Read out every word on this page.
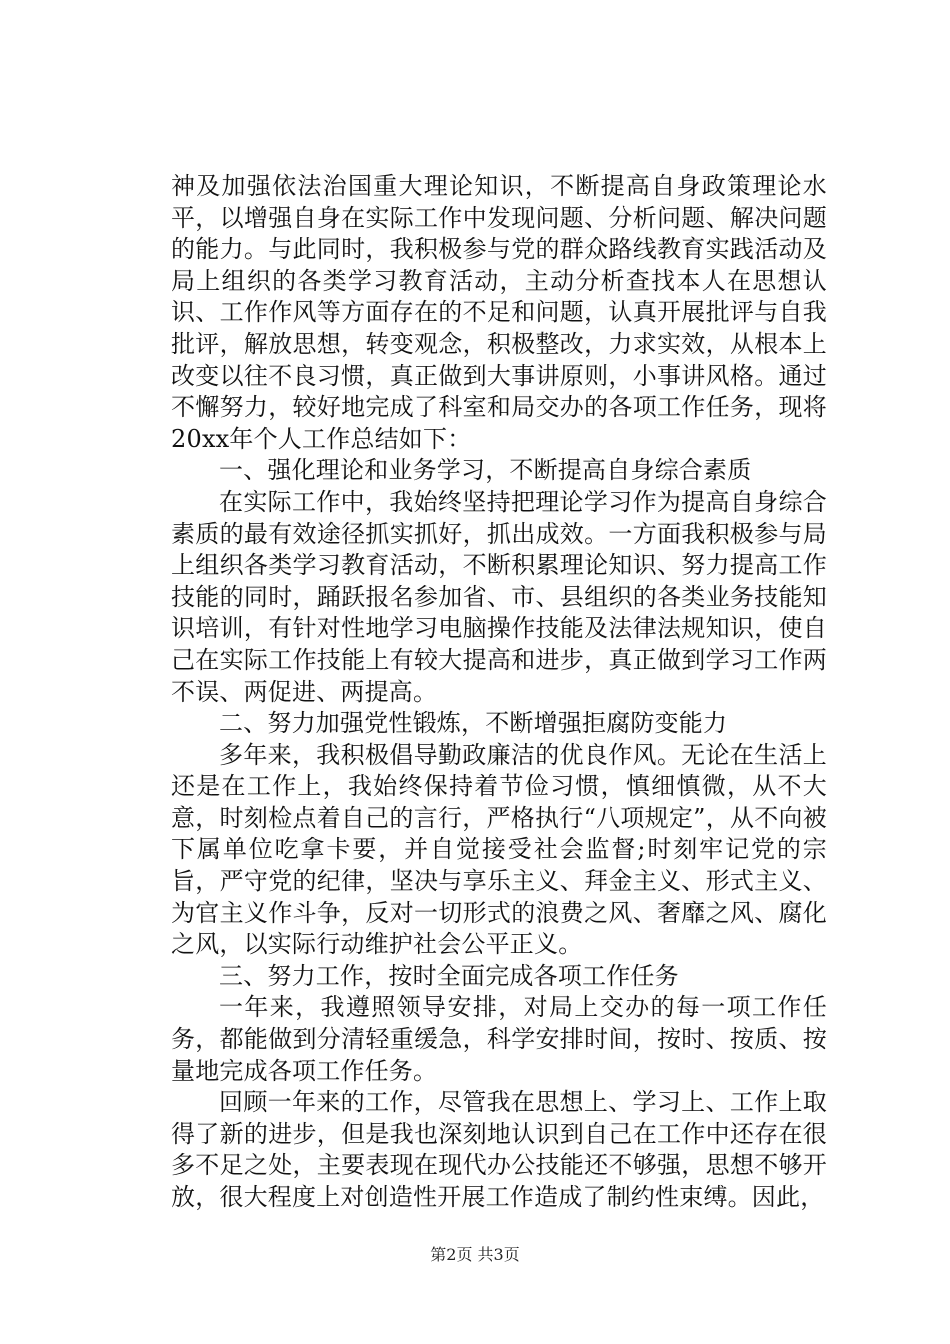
神及加强依法治国重大理论知识，不断提高自身政策理论水平，以增强自身在实际工作中发现问题、分析问题、解决问题的能力。与此同时，我积极参与党的群众路线教育实践活动及局上组织的各类学习教育活动，主动分析查找本人在思想认识、工作作风等方面存在的不足和问题，认真开展批评与自我批评，解放思想，转变观念，积极整改，力求实效，从根本上改变以往不良习惯，真正做到大事讲原则，小事讲风格。通过不懈努力，较好地完成了科室和局交办的各项工作任务，现将20xx年个人工作总结如下：

一、强化理论和业务学习，不断提高自身综合素质

在实际工作中，我始终坚持把理论学习作为提高自身综合素质的最有效途径抓实抓好，抓出成效。一方面我积极参与局上组织各类学习教育活动，不断积累理论知识、努力提高工作技能的同时，踊跃报名参加省、市、县组织的各类业务技能知识培训，有针对性地学习电脑操作技能及法律法规知识，使自己在实际工作技能上有较大提高和进步，真正做到学习工作两不误、两促进、两提高。

二、努力加强党性锻炼，不断增强拒腐防变能力

多年来，我积极倡导勤政廉洁的优良作风。无论在生活上还是在工作上，我始终保持着节俭习惯，慎细慎微，从不大意，时刻检点着自己的言行，严格执行“八项规定”，从不向被下属单位吃拿卡要，并自觉接受社会监督;时刻牢记党的宗旨，严守党的纪律，坚决与享乐主义、拜金主义、形式主义、为官主义作斗争，反对一切形式的浪费之风、奢靡之风、腐化之风，以实际行动维护社会公平正义。

三、努力工作，按时全面完成各项工作任务

一年来，我遵照领导安排，对局上交办的每一项工作任务，都能做到分清轻重缓急，科学安排时间，按时、按质、按量地完成各项工作任务。

回顾一年来的工作，尽管我在思想上、学习上、工作上取得了新的进步，但是我也深刻地认识到自己在工作中还存在很多不足之处，主要表现在现代办公技能还不够强，思想不够开放，很大程度上对创造性开展工作造成了制约性束缚。因此，

第2页 共3页
